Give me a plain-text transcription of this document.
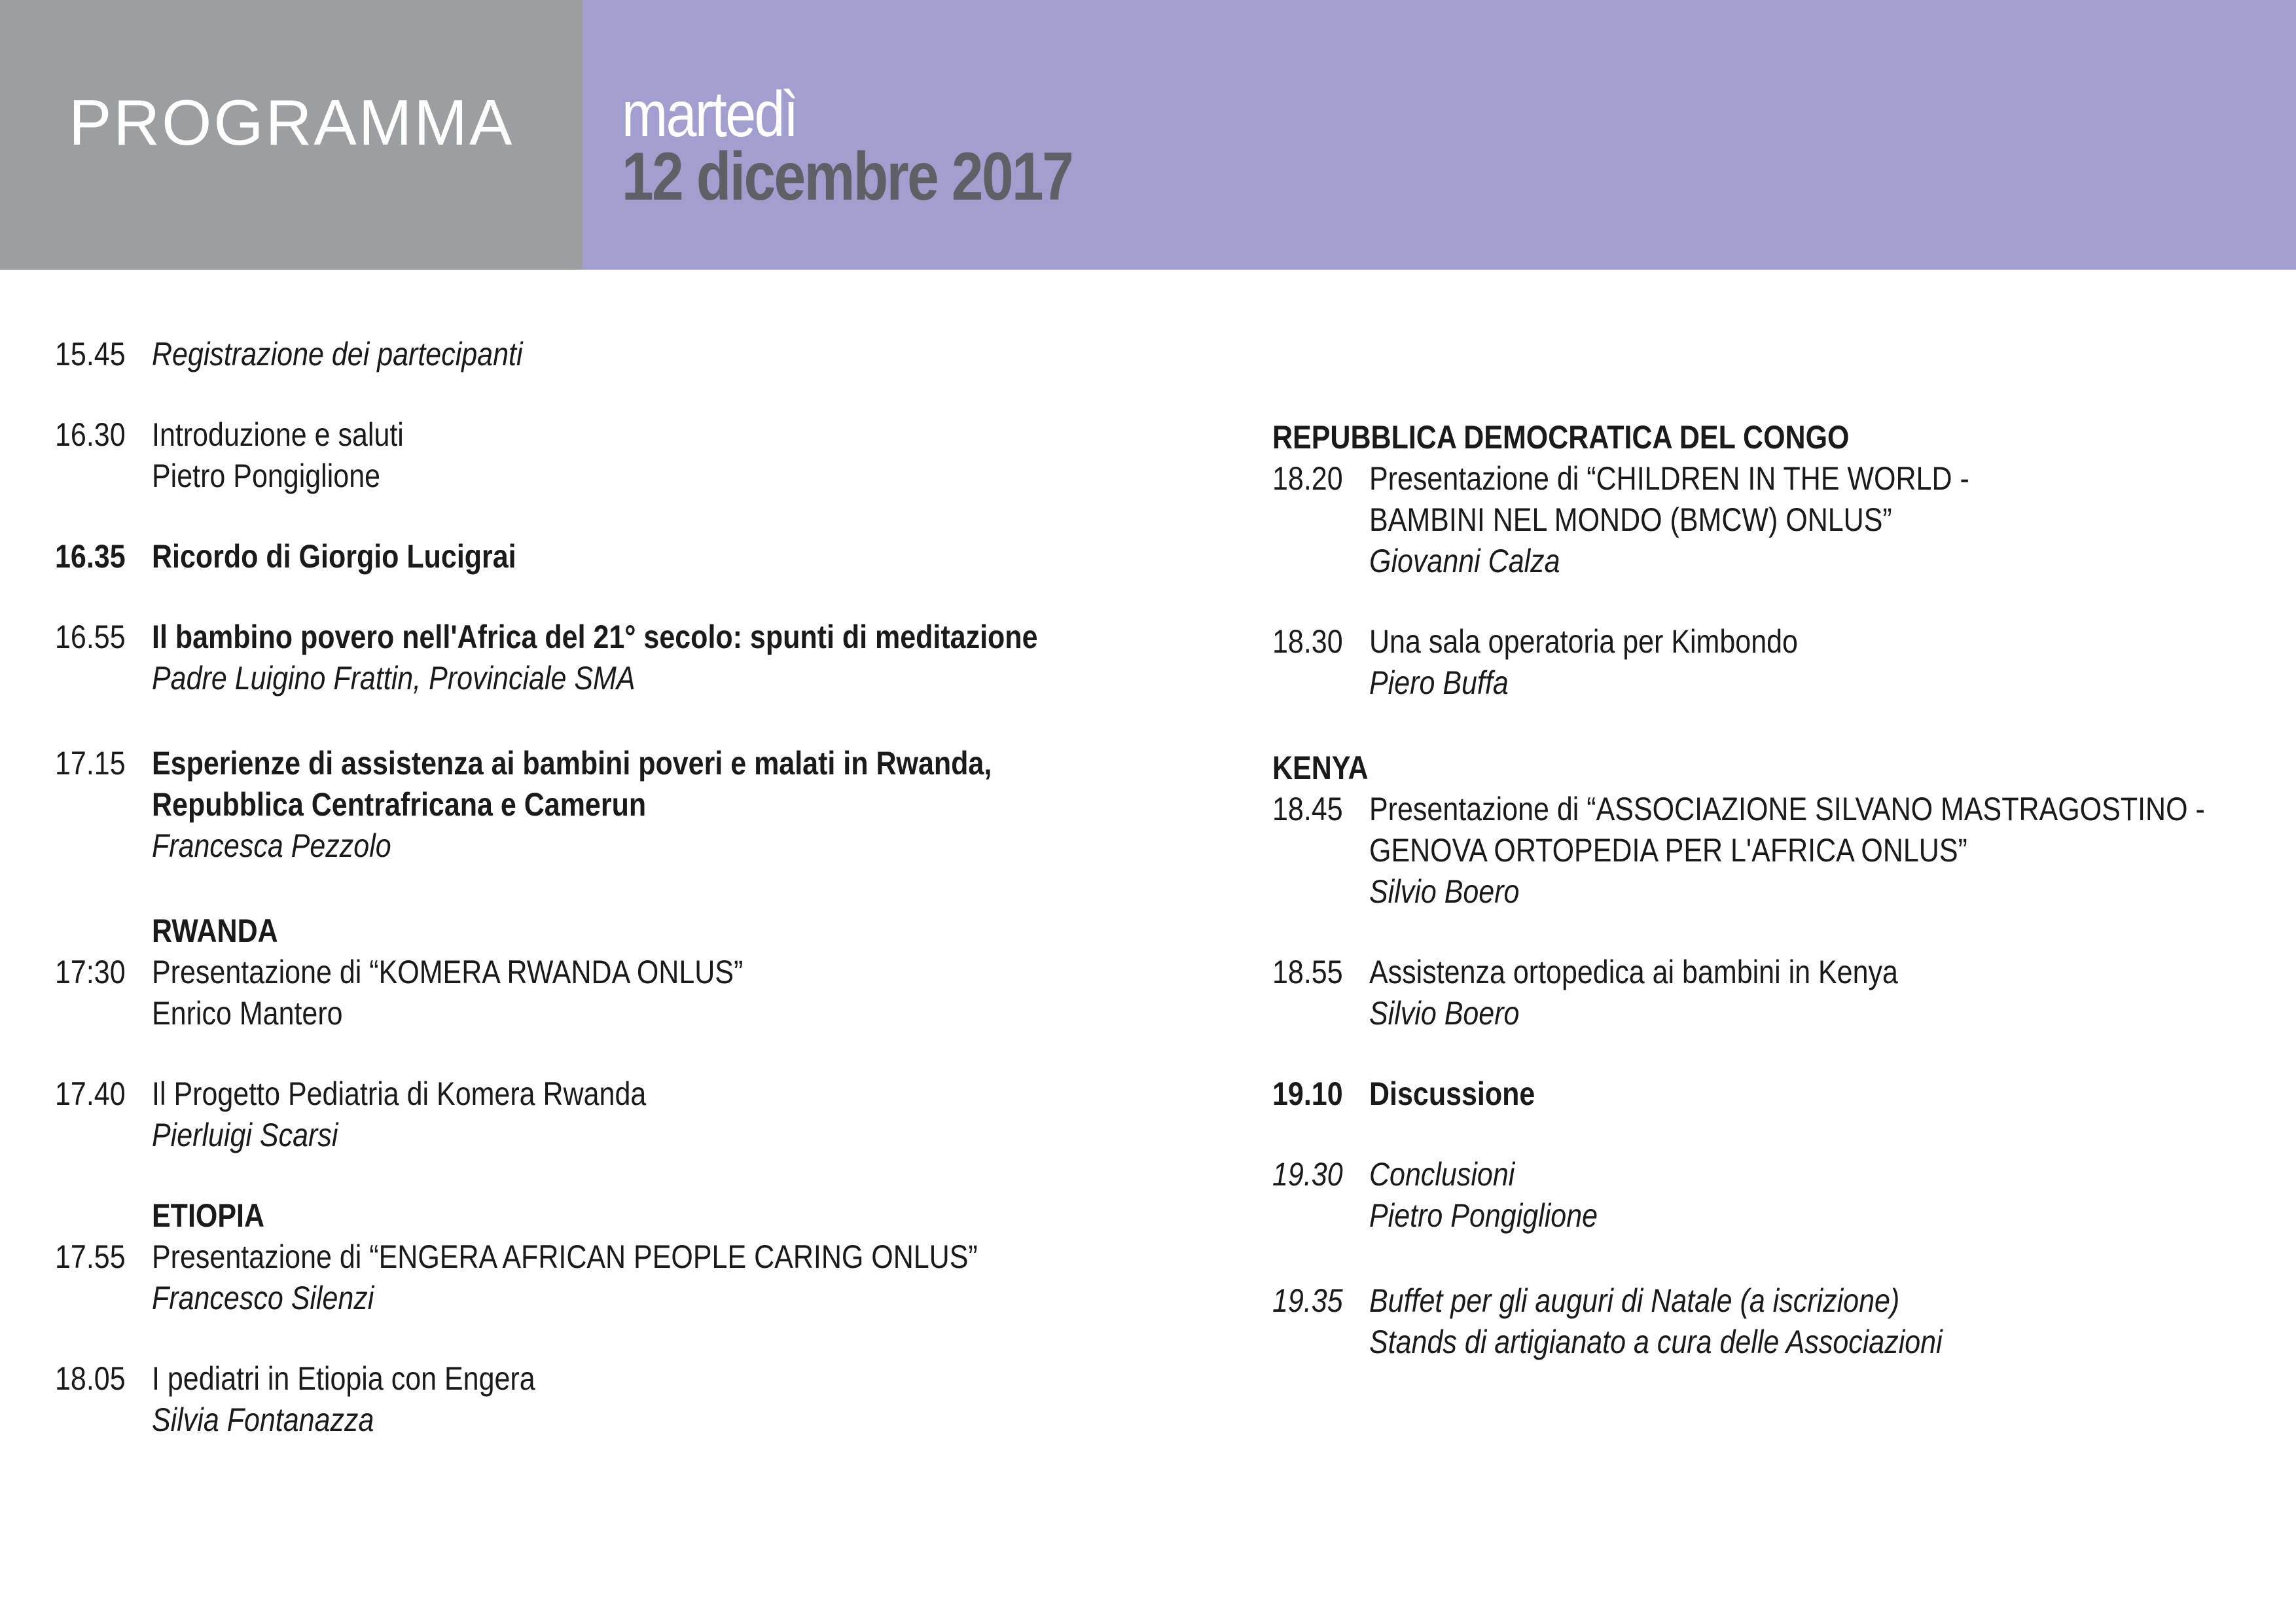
PROGRAMMA martedì
12 dicembre 2017
15.45 Registrazione dei partecipanti
16.30 Introduzione e saluti
Pietro Pongiglione
16.35 Ricordo di Giorgio Lucigrai
16.55 Il bambino povero nell'Africa del 21° secolo: spunti di meditazione
Padre Luigino Frattin, Provinciale SMA
17.15 Esperienze di assistenza ai bambini poveri e malati in Rwanda,
Repubblica Centrafricana e Camerun
Francesca Pezzolo
RWANDA
17:30 Presentazione di “KOMERA RWANDA ONLUS”
Enrico Mantero
17.40 Il Progetto Pediatria di Komera Rwanda
Pierluigi Scarsi
ETIOPIA
17.55 Presentazione di “ENGERA AFRICAN PEOPLE CARING ONLUS”
Francesco Silenzi
18.05 I pediatri in Etiopia con Engera
Silvia Fontanazza
REPUBBLICA DEMOCRATICA DEL CONGO
18.20 Presentazione di “CHILDREN IN THE WORLD -
BAMBINI NEL MONDO (BMCW) ONLUS”
Giovanni Calza
18.30 Una sala operatoria per Kimbondo
Piero Buffa
KENYA
18.45 Presentazione di “ASSOCIAZIONE SILVANO MASTRAGOSTINO -
GENOVA ORTOPEDIA PER L'AFRICA ONLUS”
Silvio Boero
18.55 Assistenza ortopedica ai bambini in Kenya
Silvio Boero
19.10 Discussione
19.30 Conclusioni
Pietro Pongiglione
19.35 Buffet per gli auguri di Natale (a iscrizione)
Stands di artigianato a cura delle Associazioni
